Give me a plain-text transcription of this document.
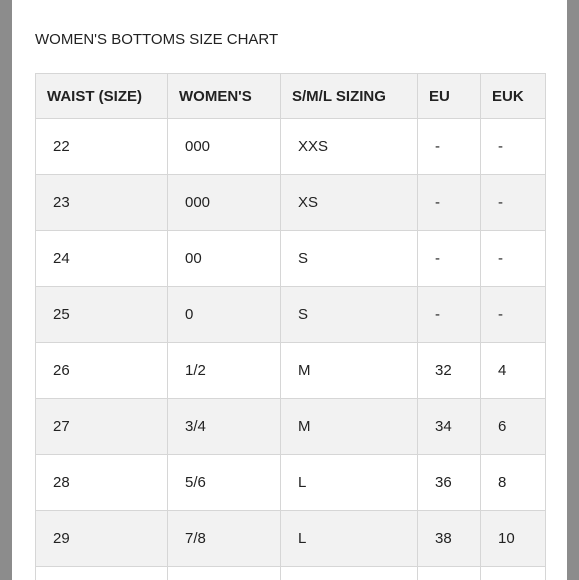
WOMEN'S BOTTOMS SIZE CHART
WAIST (SIZE)	WOMEN'S	S/M/L SIZING	EU	EUK
22	000	XXS	-	-
23	000	XS	-	-
24	00	S	-	-
25	0	S	-	-
26	1/2	M	32	4
27	3/4	M	34	6
28	5/6	L	36	8
29	7/8	L	38	10
